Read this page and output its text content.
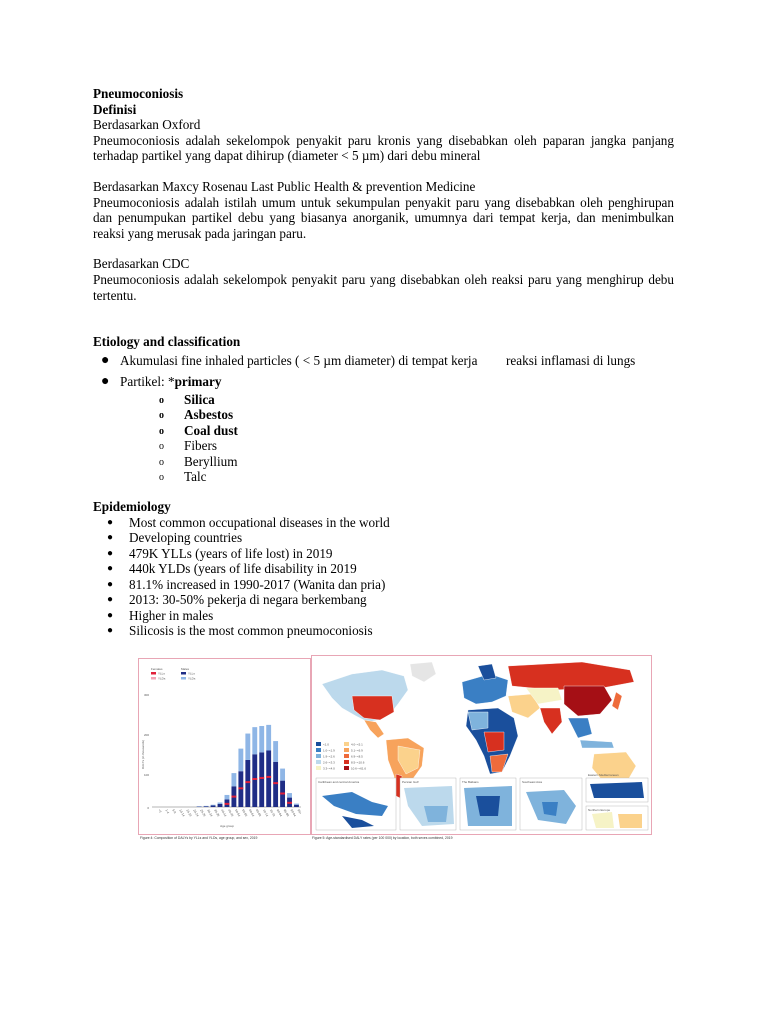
Pneumoconiosis

Definisi

Berdasarkan Oxford

Pneumoconiosis adalah sekelompok penyakit paru kronis yang disebabkan oleh paparan jangka panjang terhadap partikel yang dapat dihirup (diameter < 5 µm) dari debu mineral

Berdasarkan Maxcy Rosenau Last Public Health & prevention Medicine

Pneumoconiosis adalah istilah umum untuk sekumpulan penyakit paru yang disebabkan oleh penghirupan dan penumpukan partikel debu yang biasanya anorganik, umumnya dari tempat kerja, dan menimbulkan reaksi yang merusak pada jaringan paru.

Berdasarkan CDC

Pneumoconiosis adalah sekelompok penyakit paru yang disebabkan oleh reaksi paru yang menghirup debu tertentu.

Etiology and classification

● Akumulasi fine inhaled particles ( < 5 µm diameter) di tempat kerja reaksi inflamasi di lungs
● Partikel: *primary
o Silica
o Asbestos
o Coal dust
o Fibers
o Beryllium
o Talc

Epidemiology

● Most common occupational diseases in the world
● Developing countries
● 479K YLLs (years of life lost) in 2019
● 440k YLDs (years of life disability in 2019
● 81.1% increased in 1990-2017 (Wanita dan pria)
● 2013: 30-50% pekerja di negara berkembang
● Higher in males
● Silicosis is the most common pneumoconiosis
Females	Males
YLLs
YLDs
YLLs
YLDs
300
200
100
0
DALYs (in thousands)
<1 1-4 5-9 10-14 15-19 20-24 25-29 30-34 35-39 40-44 45-49 50-54 55-59 60-64 65-69 70-74 75-79 80-84 85-89 90-94 95+
Age group
Figure 4: Composition of DALYs by YLLs and YLDs, age group, and sex, 2019
<1.0
1.0–<1.9
1.9–<2.6
2.6–<3.3
3.3–<4.0
4.0–<5.1
5.1–<6.9
6.9–<8.5
8.5–<10.6
10.6–<61.6
Caribbean and central America	Persian Gulf	The Balkans	Southeast Asia
Eastern Mediterranean
Northern Europe
Figure 5: Age-standardised DALY rates (per 100 000) by location, both sexes combined, 2019
